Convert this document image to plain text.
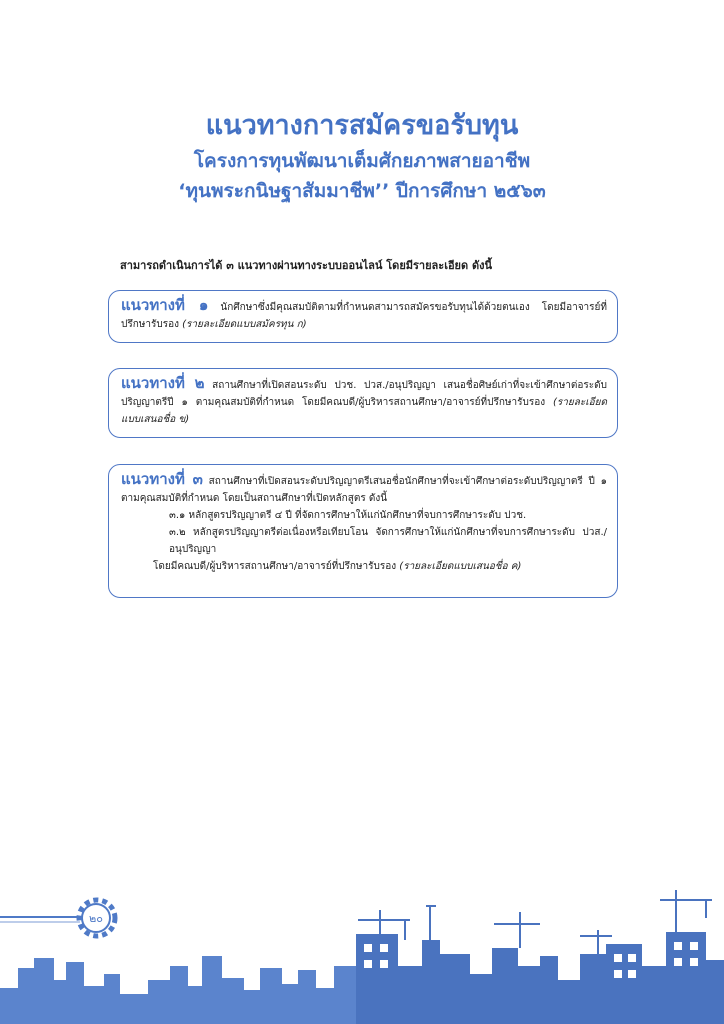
แนวทางการสมัครขอรับทุน
โครงการทุนพัฒนาเต็มศักยภาพสายอาชีพ
‘ทุนพระกนิษฐาสัมมาชีพ’’ ปีการศึกษา ๒๕๖๓
สามารถดำเนินการได้ ๓ แนวทางผ่านทางระบบออนไลน์ โดยมีรายละเอียด ดังนี้
แนวทางที่ ๑ นักศึกษาซึ่งมีคุณสมบัติตามที่กำหนดสามารถสมัครขอรับทุนได้ด้วยตนเอง โดยมีอาจารย์ที่ปรึกษารับรอง (รายละเอียดแบบสมัครทุน ก)
แนวทางที่ ๒ สถานศึกษาที่เปิดสอนระดับ ปวช. ปวส./อนุปริญญา เสนอชื่อศิษย์เก่าที่จะเข้าศึกษาต่อระดับปริญญาตรีปี ๑ ตามคุณสมบัติที่กำหนด โดยมีคณบดี/ผู้บริหารสถานศึกษา/อาจารย์ที่ปรึกษารับรอง (รายละเอียดแบบเสนอชื่อ ข)
แนวทางที่ ๓ สถานศึกษาที่เปิดสอนระดับปริญญาตรีเสนอชื่อนักศึกษาที่จะเข้าศึกษาต่อระดับปริญญาตรี ปี ๑ ตามคุณสมบัติที่กำหนด โดยเป็นสถานศึกษาที่เปิดหลักสูตร ดังนี้
๓.๑ หลักสูตรปริญญาตรี ๔ ปี ที่จัดการศึกษาให้แก่นักศึกษาที่จบการศึกษาระดับ ปวช.
๓.๒ หลักสูตรปริญญาตรีต่อเนื่องหรือเทียบโอน จัดการศึกษาให้แก่นักศึกษาที่จบการศึกษาระดับ ปวส./อนุปริญญา
โดยมีคณบดี/ผู้บริหารสถานศึกษา/อาจารย์ที่ปรึกษารับรอง (รายละเอียดแบบเสนอชื่อ ค)
๒๐
